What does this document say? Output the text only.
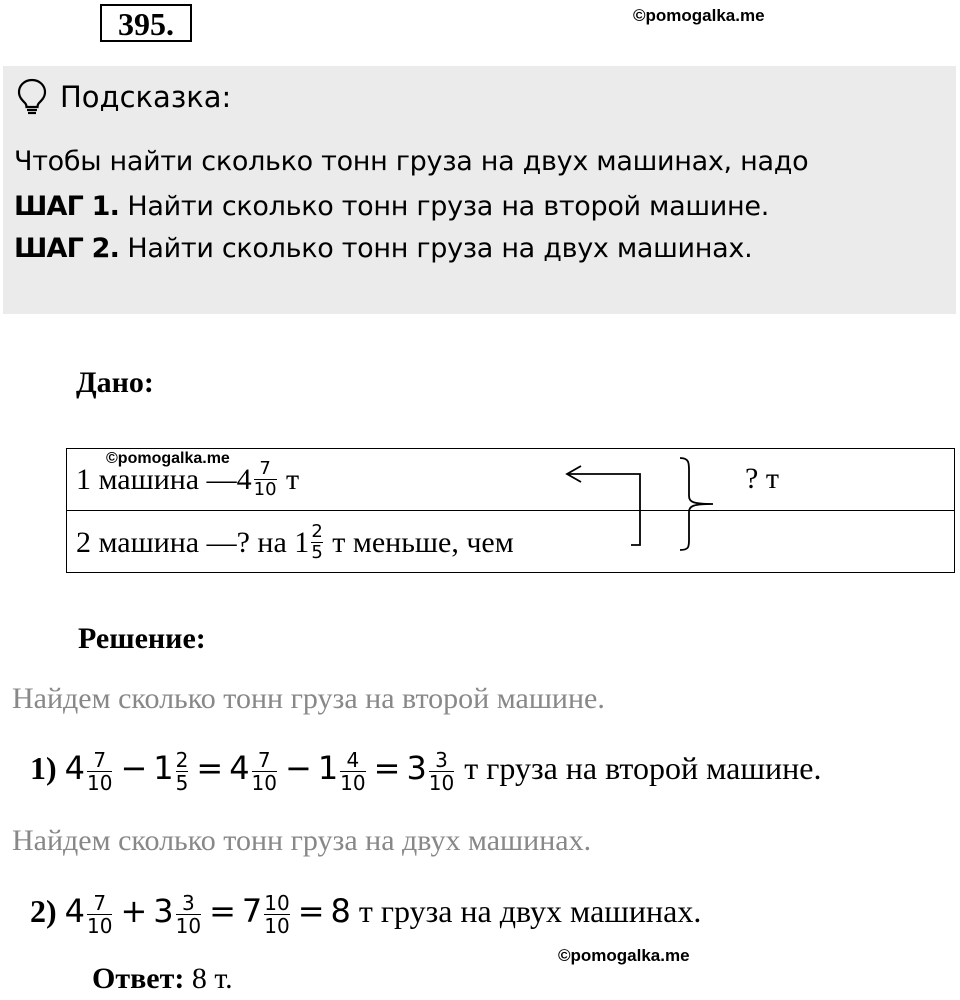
395.	©pomogalka.me
Подсказка:
Чтобы найти сколько тонн груза на двух машинах, надо
ШАГ 1. Найти сколько тонн груза на второй машине.
ШАГ 2. Найти сколько тонн груза на двух машинах.
Дано:
©pomogalka.me
1 машина —4 $\frac{7}{10}$ т
2 машина —? на $1 \frac{2}{5}$ т меньше, чем
? т
Решение:
Найдем сколько тонн груза на второй машине.
1) $4 \frac{7}{10} - 1 \frac{2}{5} = 4 \frac{7}{10} - 1 \frac{4}{10} = 3 \frac{3}{10}$ т груза на второй машине.
Найдем сколько тонн груза на двух машинах.
2) $4 \frac{7}{10} + 3 \frac{3}{10} = 7 \frac{10}{10} = 8$ т груза на двух машинах.
©pomogalka.me
Ответ: 8 т.
